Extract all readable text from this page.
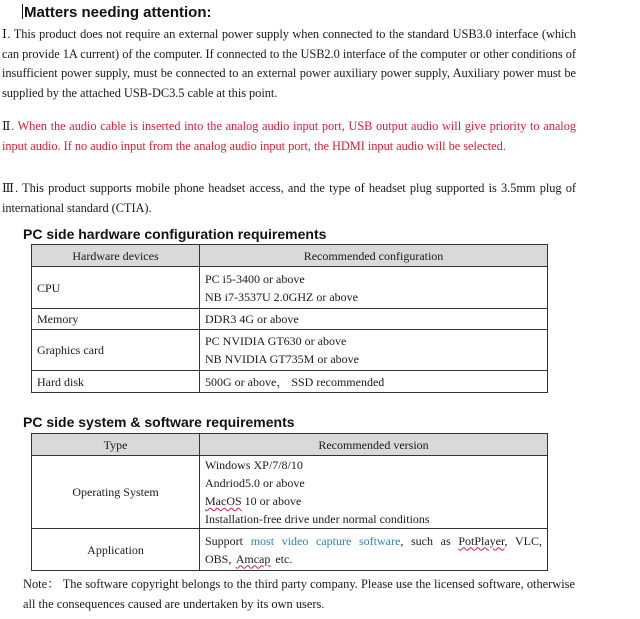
Matters needing attention:
Ⅰ. This product does not require an external power supply when connected to the standard USB3.0 interface (which can provide 1A current) of the computer. If connected to the USB2.0 interface of the computer or other conditions of insufficient power supply, must be connected to an external power auxiliary power supply, Auxiliary power must be supplied by the attached USB-DC3.5 cable at this point.
Ⅱ. When the audio cable is inserted into the analog audio input port, USB output audio will give priority to analog input audio. If no audio input from the analog audio input port, the HDMI input audio will be selected.
Ⅲ. This product supports mobile phone headset access, and the type of headset plug supported is 3.5mm plug of international standard (CTIA).
PC side hardware configuration requirements
Hardware devices	Recommended configuration
CPU	PC i5-3400 or above
NB i7-3537U 2.0GHZ or above

Memory	DDR3 4G or above
Graphics card	PC NVIDIA GT630 or above
NB NVIDIA GT735M or above

Hard disk	500G or above， SSD recommended
PC side system & software requirements
Type	Recommended version
Operating System	Windows XP/7/8/10
Andriod5.0 or above
MacOS 10 or above
Installation-free drive under normal conditions

Application	Support most video capture software, such as PotPlayer, VLC, OBS, Amcap etc.
Note： The software copyright belongs to the third party company. Please use the licensed software, otherwise all the consequences caused are undertaken by its own users.
